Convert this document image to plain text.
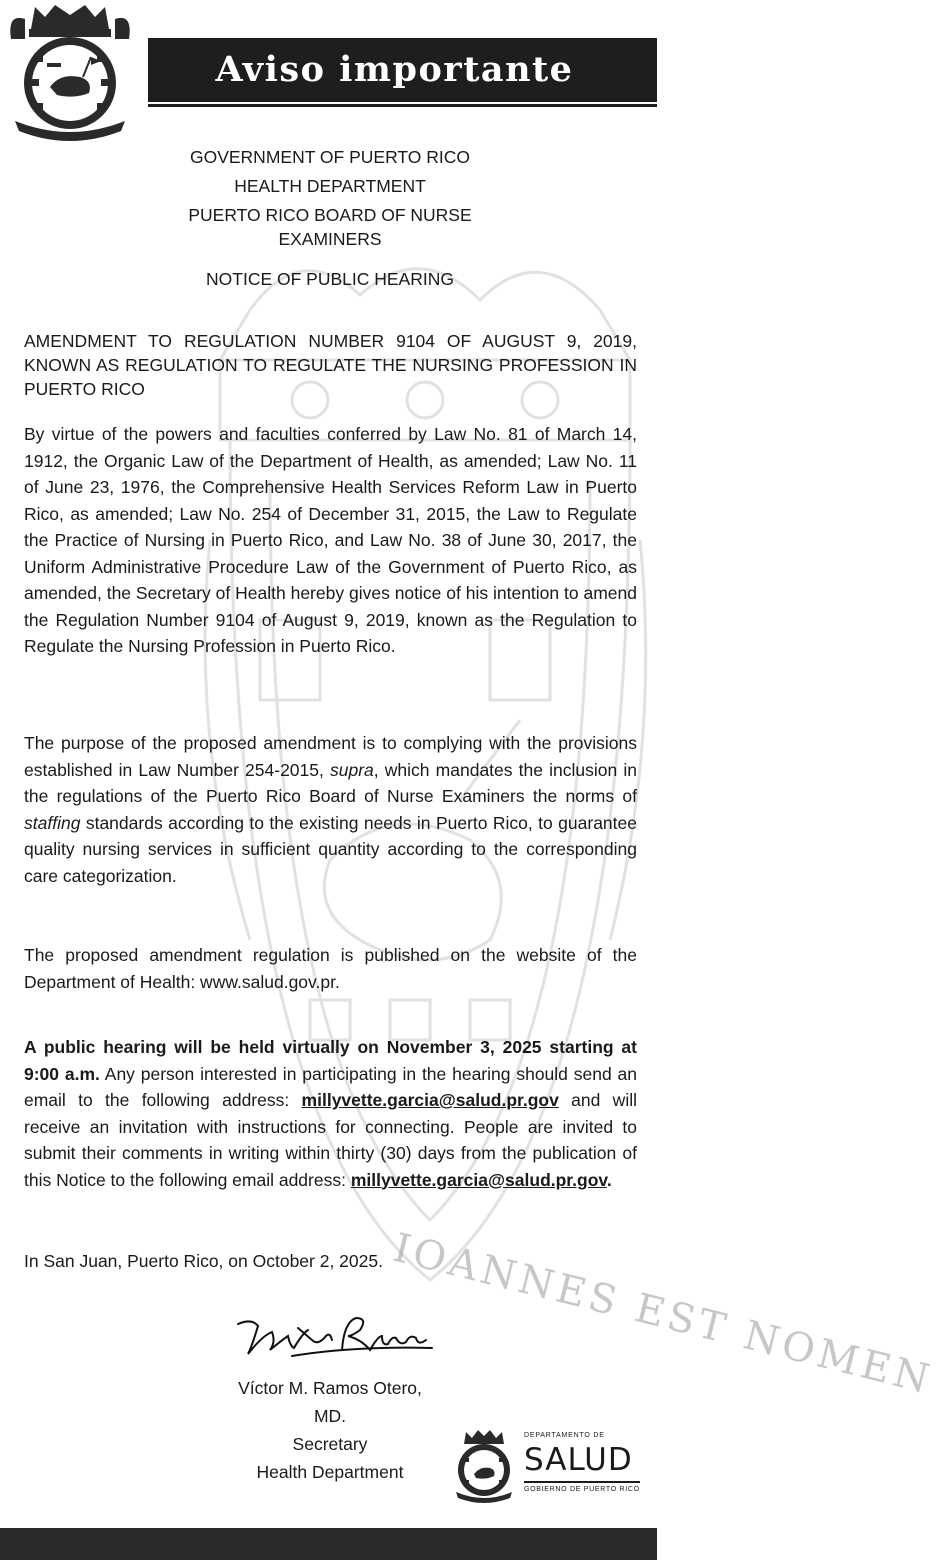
IOANNES EST NOMEN
Aviso importante
GOVERNMENT OF PUERTO RICO
HEALTH DEPARTMENT
PUERTO RICO BOARD OF NURSE EXAMINERS
NOTICE OF PUBLIC HEARING
AMENDMENT TO REGULATION NUMBER 9104 OF AUGUST 9, 2019, KNOWN AS REGULATION TO REGULATE THE NURSING PROFESSION IN PUERTO RICO
By virtue of the powers and faculties conferred by Law No. 81 of March 14, 1912, the Organic Law of the Department of Health, as amended; Law No. 11 of June 23, 1976, the Comprehensive Health Services Reform Law in Puerto Rico, as amended; Law No. 254 of December 31, 2015, the Law to Regulate the Practice of Nursing in Puerto Rico, and Law No. 38 of June 30, 2017, the Uniform Administrative Procedure Law of the Government of Puerto Rico, as amended, the Secretary of Health hereby gives notice of his intention to amend the Regulation Number 9104 of August 9, 2019, known as the Regulation to Regulate the Nursing Profession in Puerto Rico.
The purpose of the proposed amendment is to complying with the provisions established in Law Number 254-2015, supra, which mandates the inclusion in the regulations of the Puerto Rico Board of Nurse Examiners the norms of staffing standards according to the existing needs in Puerto Rico, to guarantee quality nursing services in sufficient quantity according to the corresponding care categorization.
The proposed amendment regulation is published on the website of the Department of Health: www.salud.gov.pr.
A public hearing will be held virtually on November 3, 2025 starting at 9:00 a.m. Any person interested in participating in the hearing should send an email to the following address: millyvette.garcia@salud.pr.gov and will receive an invitation with instructions for connecting. People are invited to submit their comments in writing within thirty (30) days from the publication of this Notice to the following email address: millyvette.garcia@salud.pr.gov.
In San Juan, Puerto Rico, on October 2, 2025.
Víctor M. Ramos Otero, MD.
Secretary
Health Department
DEPARTAMENTO DE
SALUD
GOBIERNO DE PUERTO RICO
